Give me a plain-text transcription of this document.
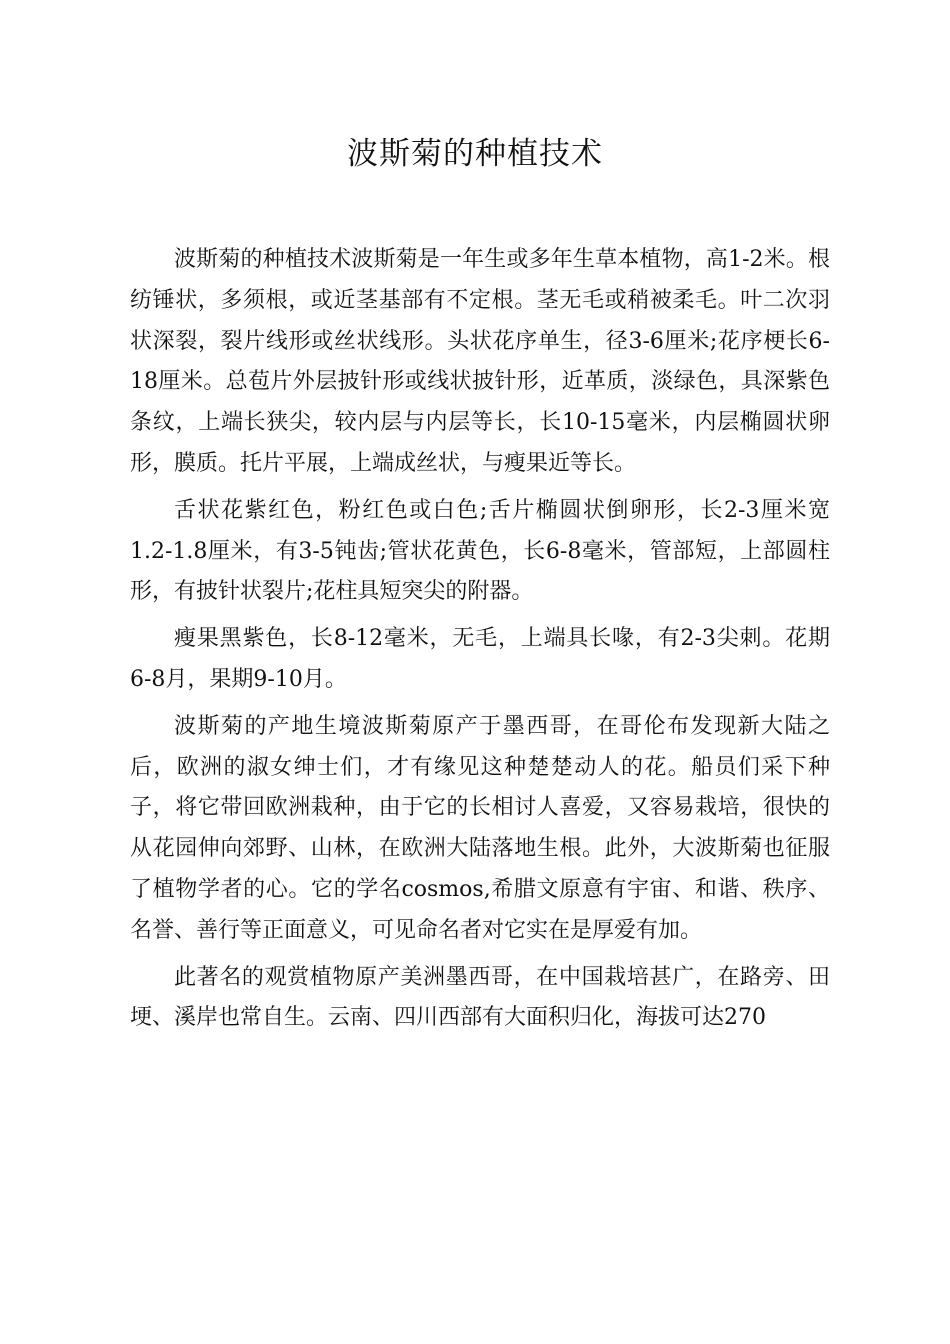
波斯菊的种植技术

波斯菊的种植技术波斯菊是一年生或多年生草本植物，高1-2米。根纺锤状，多须根，或近茎基部有不定根。茎无毛或稍被柔毛。叶二次羽状深裂，裂片线形或丝状线形。头状花序单生，径3-6厘米;花序梗长6-18厘米。总苞片外层披针形或线状披针形，近革质，淡绿色，具深紫色条纹，上端长狭尖，较内层与内层等长，长10-15毫米，内层椭圆状卵形，膜质。托片平展，上端成丝状，与瘦果近等长。

舌状花紫红色，粉红色或白色;舌片椭圆状倒卵形，长2-3厘米宽1.2-1.8厘米，有3-5钝齿;管状花黄色，长6-8毫米，管部短，上部圆柱形，有披针状裂片;花柱具短突尖的附器。

瘦果黑紫色，长8-12毫米，无毛，上端具长喙，有2-3尖刺。花期6-8月，果期9-10月。

波斯菊的产地生境波斯菊原产于墨西哥，在哥伦布发现新大陆之后，欧洲的淑女绅士们，才有缘见这种楚楚动人的花。船员们采下种子，将它带回欧洲栽种，由于它的长相讨人喜爱，又容易栽培，很快的从花园伸向郊野、山林，在欧洲大陆落地生根。此外，大波斯菊也征服了植物学者的心。它的学名cosmos,希腊文原意有宇宙、和谐、秩序、名誉、善行等正面意义，可见命名者对它实在是厚爱有加。

此著名的观赏植物原产美洲墨西哥，在中国栽培甚广，在路旁、田埂、溪岸也常自生。云南、四川西部有大面积归化，海拔可达270
